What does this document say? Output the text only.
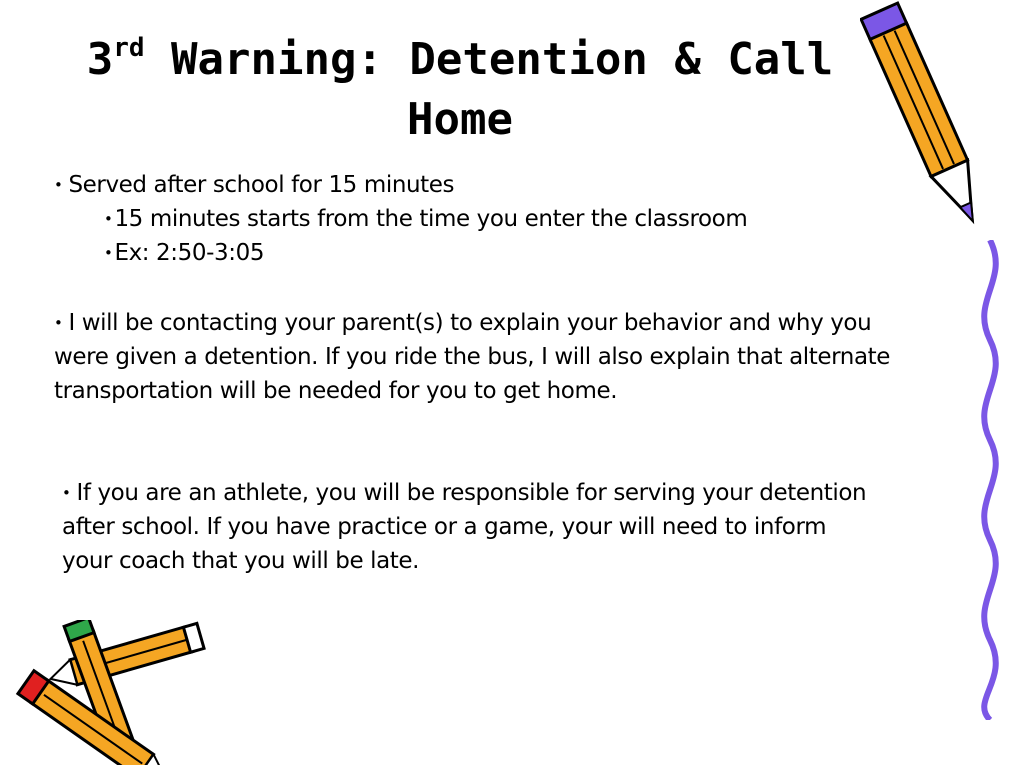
3rd Warning: Detention & Call Home
• Served after school for 15 minutes
•15 minutes starts from the time you enter the classroom
•Ex: 2:50-3:05
• I will be contacting your parent(s) to explain your behavior and why you were given a detention. If you ride the bus, I will also explain that alternate transportation will be needed for you to get home.
• If you are an athlete, you will be responsible for serving your detention after school. If you have practice or a game, your will need to inform your coach that you will be late.
